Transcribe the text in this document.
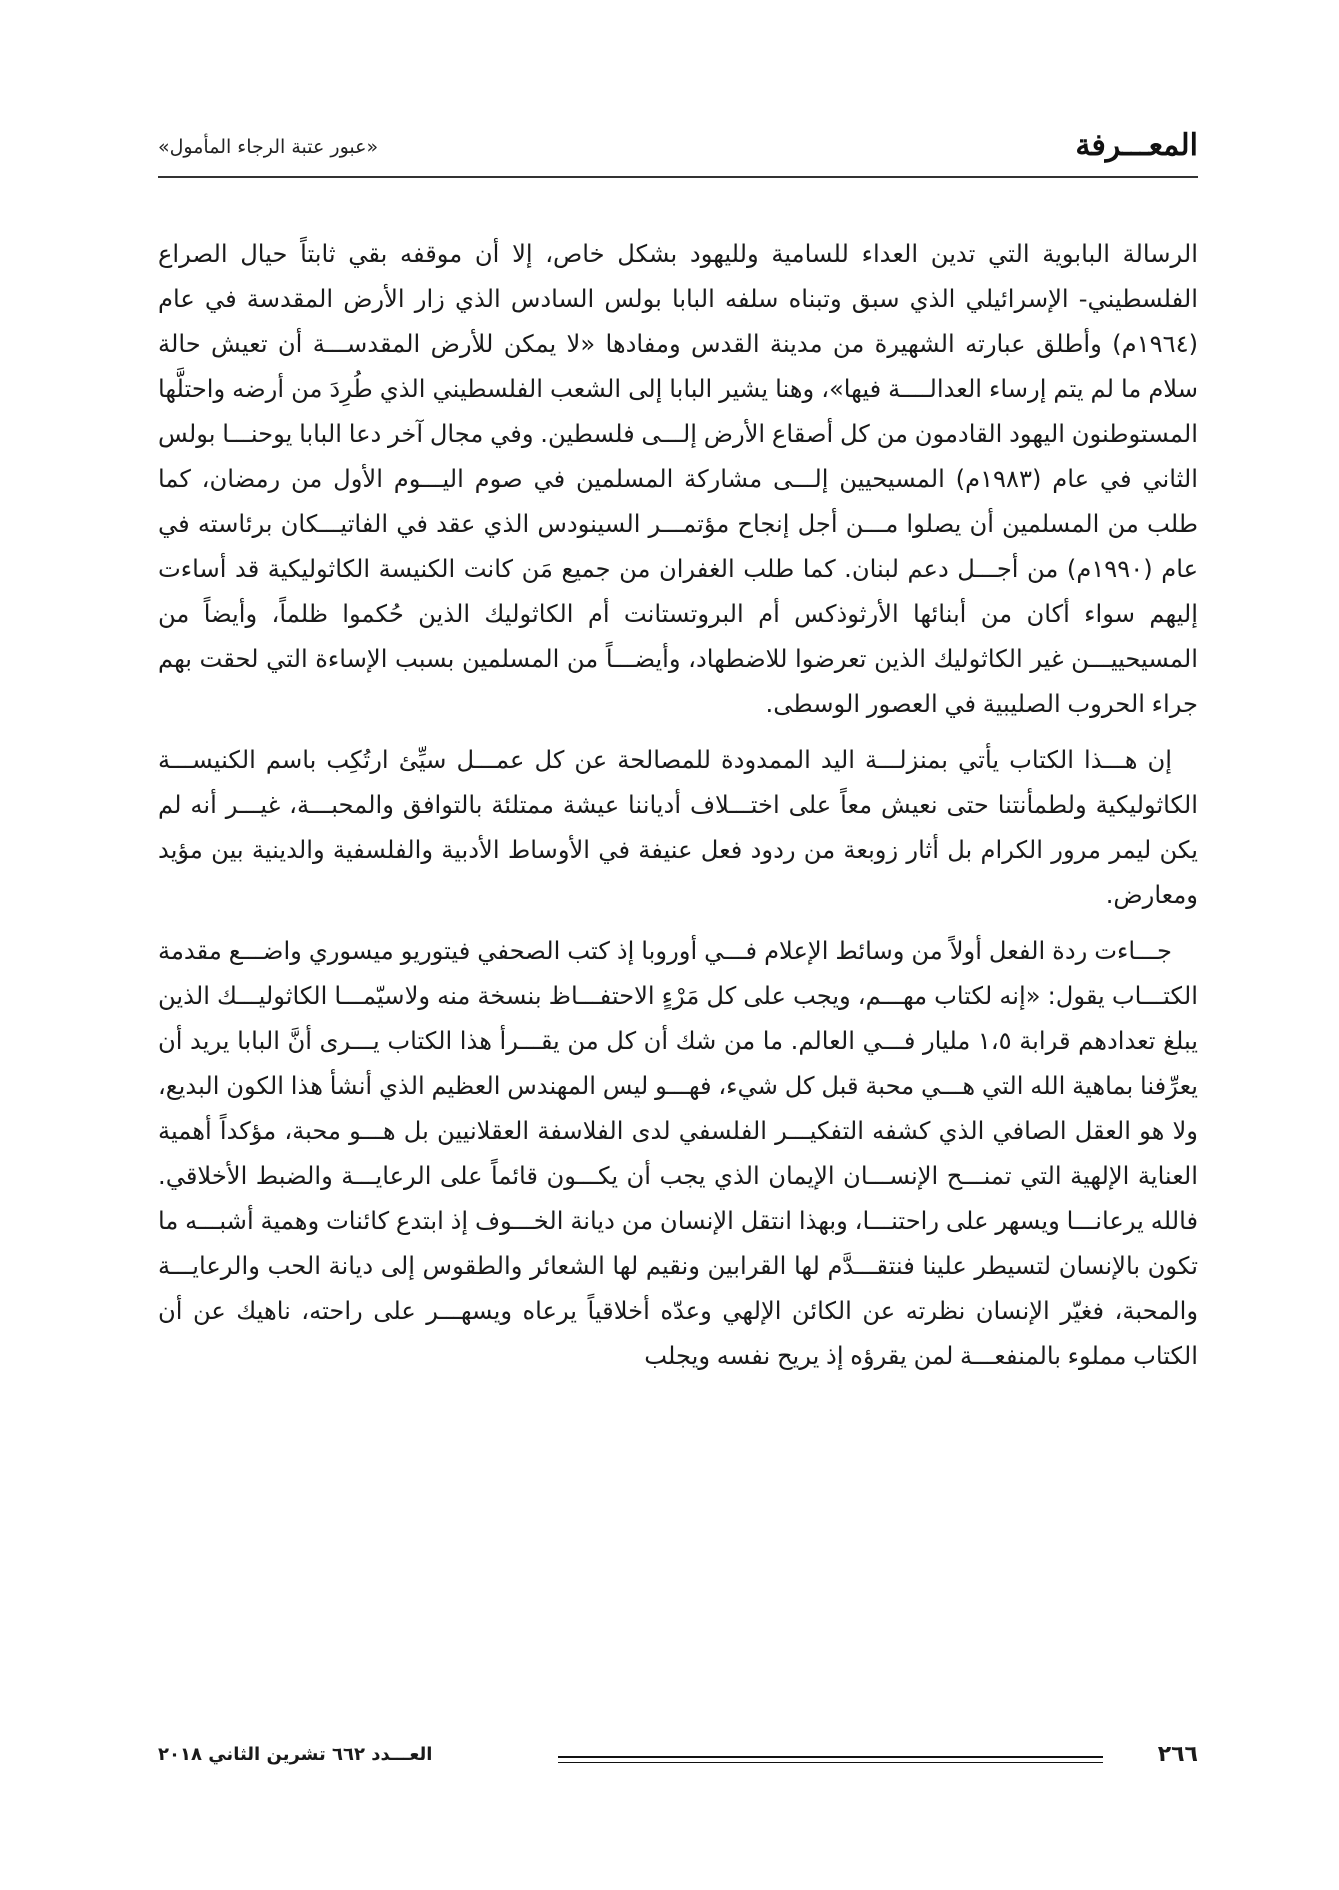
المعـــرفة
«عبور عتبة الرجاء المأمول»

الرسالة البابوية التي تدين العداء للسامية ولليهود بشكل خاص، إلا أن موقفه بقي ثابتاً حيال الصراع الفلسطيني- الإسرائيلي الذي سبق وتبناه سلفه البابا بولس السادس الذي زار الأرض المقدسة في عام (١٩٦٤م) وأطلق عبارته الشهيرة من مدينة القدس ومفادها «لا يمكن للأرض المقدســـة أن تعيش حالة سلام ما لم يتم إرساء العدالــــة فيها»، وهنا يشير البابا إلى الشعب الفلسطيني الذي طُرِدَ من أرضه واحتلَّها المستوطنون اليهود القادمون من كل أصقاع الأرض إلـــى فلسطين. وفي مجال آخر دعا البابا يوحنـــا بولس الثاني في عام (١٩٨٣م) المسيحيين إلـــى مشاركة المسلمين في صوم اليـــوم الأول من رمضان، كما طلب من المسلمين أن يصلوا مـــن أجل إنجاح مؤتمـــر السينودس الذي عقد في الفاتيـــكان برئاسته في عام (١٩٩٠م) من أجـــل دعم لبنان. كما طلب الغفران من جميع مَن كانت الكنيسة الكاثوليكية قد أساءت إليهم سواء أكان من أبنائها الأرثوذكس أم البروتستانت أم الكاثوليك الذين حُكموا ظلماً، وأيضاً من المسيحييـــن غير الكاثوليك الذين تعرضوا للاضطهاد، وأيضـــاً من المسلمين بسبب الإساءة التي لحقت بهم جراء الحروب الصليبية في العصور الوسطى.

إن هـــذا الكتاب يأتي بمنزلـــة اليد الممدودة للمصالحة عن كل عمـــل سيِّئ ارتُكِب باسم الكنيســـة الكاثوليكية ولطمأنتنا حتى نعيش معاً على اختـــلاف أدياننا عيشة ممتلئة بالتوافق والمحبـــة، غيـــر أنه لم يكن ليمر مرور الكرام بل أثار زوبعة من ردود فعل عنيفة في الأوساط الأدبية والفلسفية والدينية بين مؤيد ومعارض.

جـــاءت ردة الفعل أولاً من وسائط الإعلام فـــي أوروبا إذ كتب الصحفي فيتوريو ميسوري واضـــع مقدمة الكتـــاب يقول: «إنه لكتاب مهـــم، ويجب على كل مَرْءٍ الاحتفـــاظ بنسخة منه ولاسيّمـــا الكاثوليـــك الذين يبلغ تعدادهم قرابة ١،٥ مليار فـــي العالم. ما من شك أن كل من يقـــرأ هذا الكتاب يـــرى أنَّ البابا يريد أن يعرِّفنا بماهية الله التي هـــي محبة قبل كل شيء، فهـــو ليس المهندس العظيم الذي أنشأ هذا الكون البديع، ولا هو العقل الصافي الذي كشفه التفكيـــر الفلسفي لدى الفلاسفة العقلانيين بل هـــو محبة، مؤكداً أهمية العناية الإلهية التي تمنـــح الإنســـان الإيمان الذي يجب أن يكـــون قائماً على الرعايـــة والضبط الأخلاقي. فالله يرعانـــا ويسهر على راحتنـــا، وبهذا انتقل الإنسان من ديانة الخـــوف إذ ابتدع كائنات وهمية أشبـــه ما تكون بالإنسان لتسيطر علينا فنتقـــدَّم لها القرابين ونقيم لها الشعائر والطقوس إلى ديانة الحب والرعايـــة والمحبة، فغيّر الإنسان نظرته عن الكائن الإلهي وعدّه أخلاقياً يرعاه ويسهـــر على راحته، ناهيك عن أن الكتاب مملوء بالمنفعـــة لمن يقرؤه إذ يريح نفسه ويجلب

٢٦٦
العـــدد ٦٦٢ تشرين الثاني ٢٠١٨
